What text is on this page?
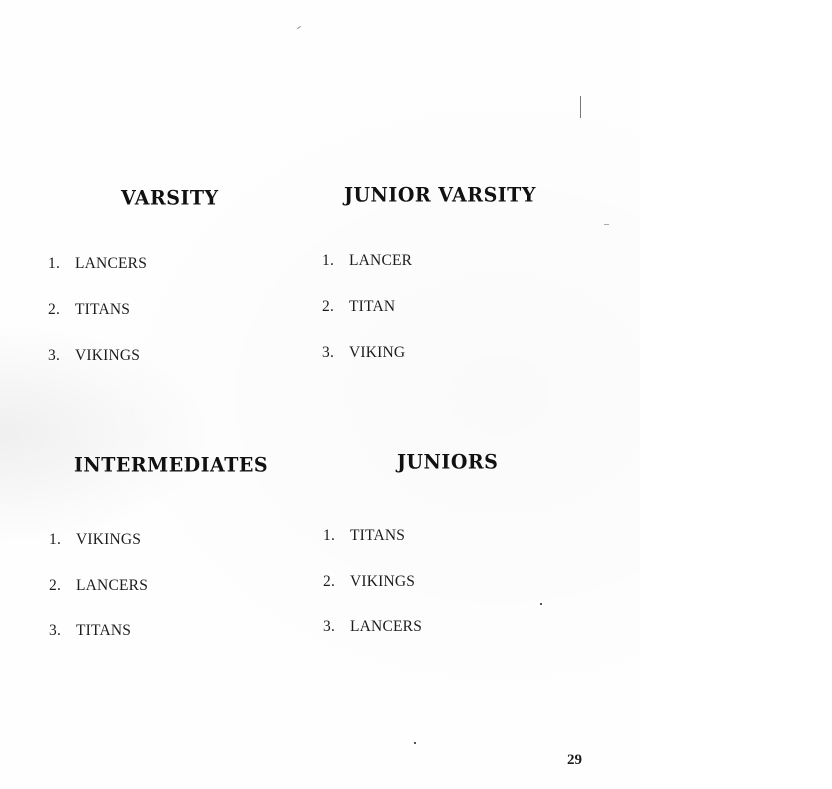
VARSITY
1. LANCERS
2. TITANS
3. VIKINGS
JUNIOR VARSITY
1. LANCER
2. TITAN
3. VIKING
INTERMEDIATES
1. VIKINGS
2. LANCERS
3. TITANS
JUNIORS
1. TITANS
2. VIKINGS
3. LANCERS
29
